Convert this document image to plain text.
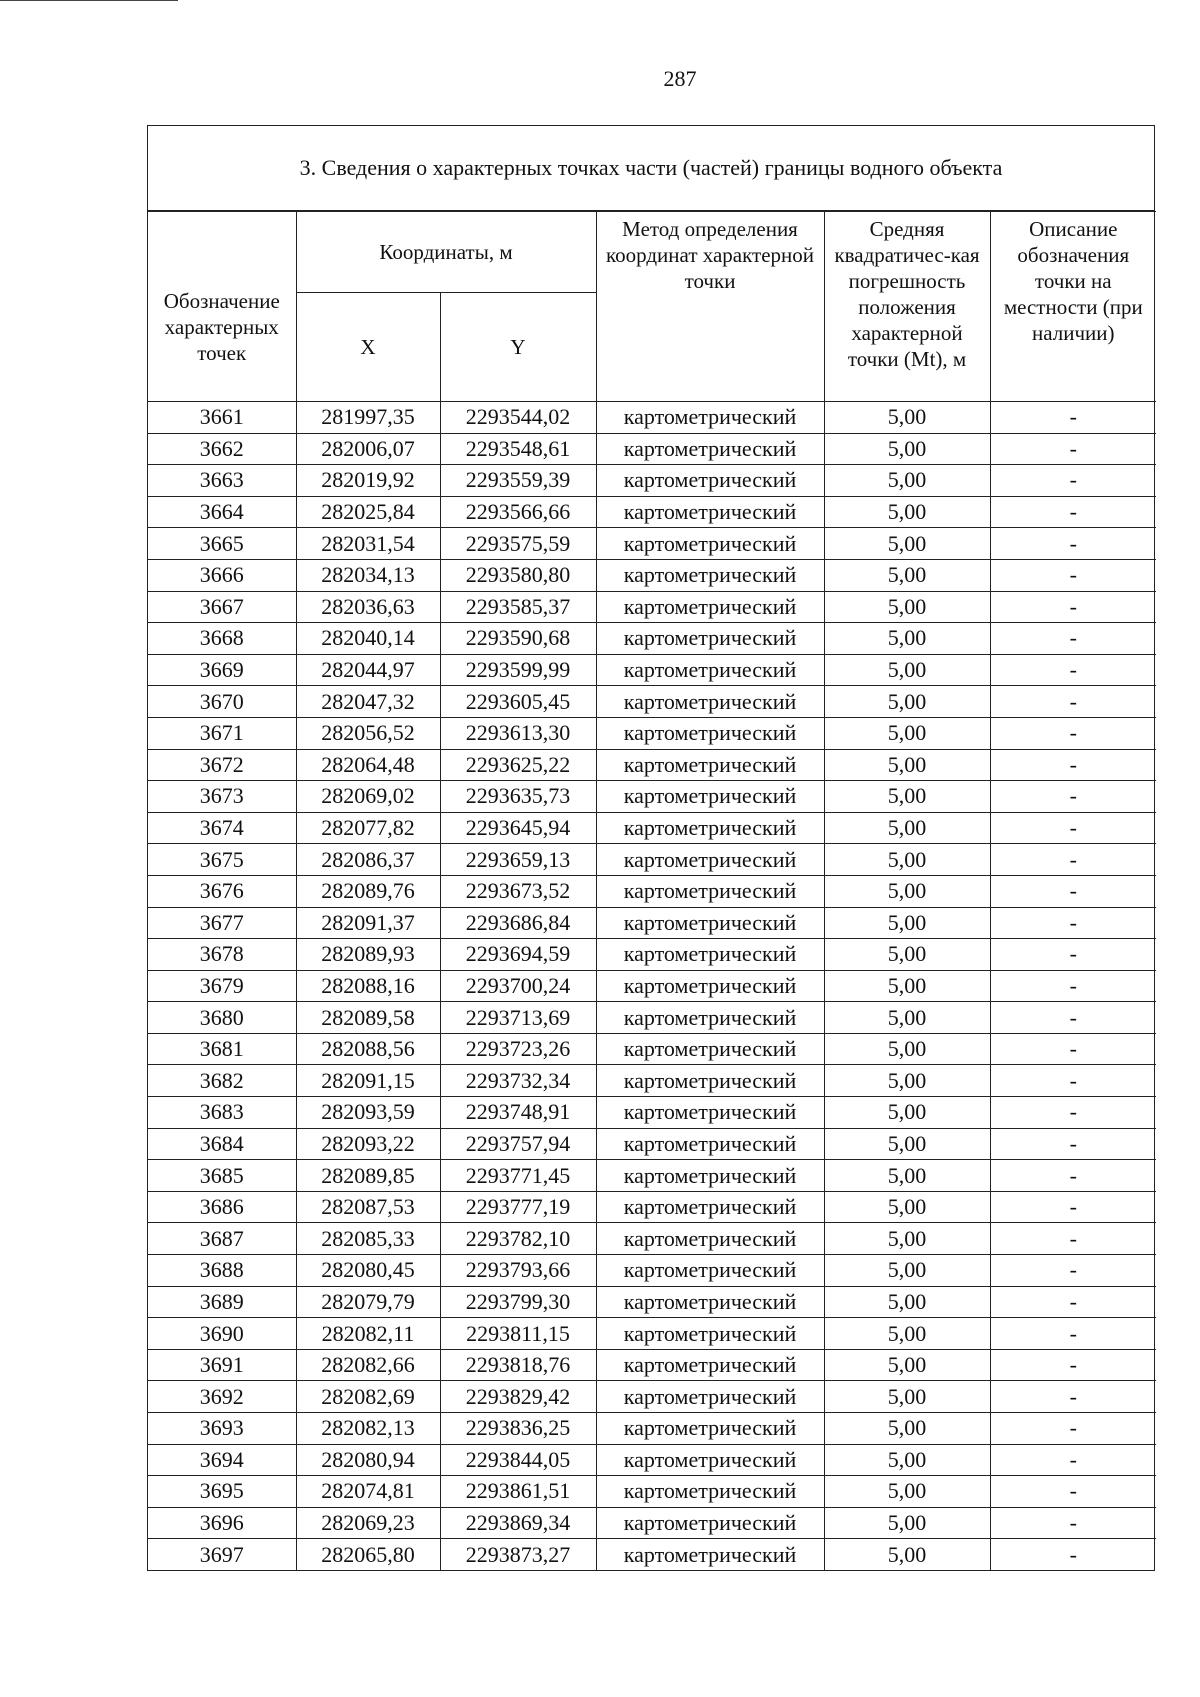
287
3. Сведения о характерных точках части (частей) границы водного объекта
Обозначение характерных точек	Координаты, м		Метод определения координат характерной точки	Средняя квадратичес-кая погрешность положения характерной точки (Mt), м	Описание обозначения точки на местности (при наличии)
	X	Y			
3661	281997,35	2293544,02	картометрический	5,00	-
3662	282006,07	2293548,61	картометрический	5,00	-
3663	282019,92	2293559,39	картометрический	5,00	-
3664	282025,84	2293566,66	картометрический	5,00	-
3665	282031,54	2293575,59	картометрический	5,00	-
3666	282034,13	2293580,80	картометрический	5,00	-
3667	282036,63	2293585,37	картометрический	5,00	-
3668	282040,14	2293590,68	картометрический	5,00	-
3669	282044,97	2293599,99	картометрический	5,00	-
3670	282047,32	2293605,45	картометрический	5,00	-
3671	282056,52	2293613,30	картометрический	5,00	-
3672	282064,48	2293625,22	картометрический	5,00	-
3673	282069,02	2293635,73	картометрический	5,00	-
3674	282077,82	2293645,94	картометрический	5,00	-
3675	282086,37	2293659,13	картометрический	5,00	-
3676	282089,76	2293673,52	картометрический	5,00	-
3677	282091,37	2293686,84	картометрический	5,00	-
3678	282089,93	2293694,59	картометрический	5,00	-
3679	282088,16	2293700,24	картометрический	5,00	-
3680	282089,58	2293713,69	картометрический	5,00	-
3681	282088,56	2293723,26	картометрический	5,00	-
3682	282091,15	2293732,34	картометрический	5,00	-
3683	282093,59	2293748,91	картометрический	5,00	-
3684	282093,22	2293757,94	картометрический	5,00	-
3685	282089,85	2293771,45	картометрический	5,00	-
3686	282087,53	2293777,19	картометрический	5,00	-
3687	282085,33	2293782,10	картометрический	5,00	-
3688	282080,45	2293793,66	картометрический	5,00	-
3689	282079,79	2293799,30	картометрический	5,00	-
3690	282082,11	2293811,15	картометрический	5,00	-
3691	282082,66	2293818,76	картометрический	5,00	-
3692	282082,69	2293829,42	картометрический	5,00	-
3693	282082,13	2293836,25	картометрический	5,00	-
3694	282080,94	2293844,05	картометрический	5,00	-
3695	282074,81	2293861,51	картометрический	5,00	-
3696	282069,23	2293869,34	картометрический	5,00	-
3697	282065,80	2293873,27	картометрический	5,00	-
